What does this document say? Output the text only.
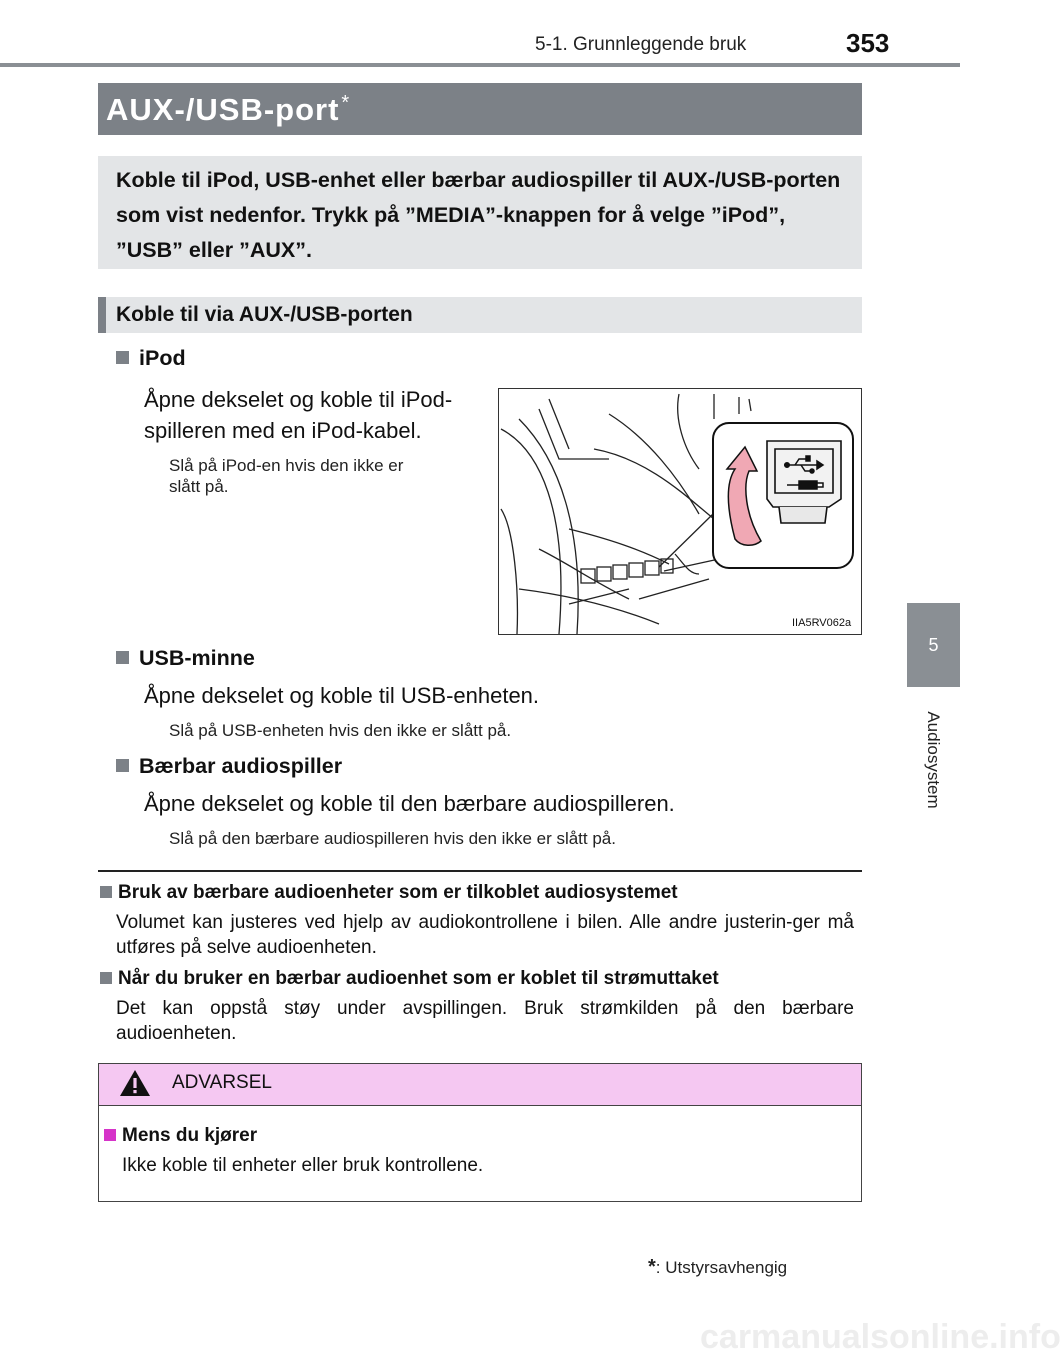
5-1. Grunnleggende bruk	353
5
Audiosystem
AUX-/USB-port *
Koble til iPod, USB-enhet eller bærbar audiospiller til AUX-/USB-porten som vist nedenfor. Trykk på ”MEDIA”-knappen for å velge ”iPod”, ”USB” eller ”AUX”.
Koble til via AUX-/USB-porten
iPod
Åpne dekselet og koble til iPod-
spilleren med en iPod-kabel.
Slå på iPod-en hvis den ikke er
slått på.
IIA5RV062a
USB-minne
Åpne dekselet og koble til USB-enheten.
Slå på USB-enheten hvis den ikke er slått på.
Bærbar audiospiller
Åpne dekselet og koble til den bærbare audiospilleren.
Slå på den bærbare audiospilleren hvis den ikke er slått på.
Bruk av bærbare audioenheter som er tilkoblet audiosystemet
Volumet kan justeres ved hjelp av audiokontrollene i bilen. Alle andre justerin-ger må utføres på selve audioenheten.
Når du bruker en bærbar audioenhet som er koblet til strømuttaket
Det kan oppstå støy under avspillingen. Bruk strømkilden på den bærbare audioenheten.
ADVARSEL
Mens du kjører
Ikke koble til enheter eller bruk kontrollene.
*: Utstyrsavhengig
carmanualsonline.info
